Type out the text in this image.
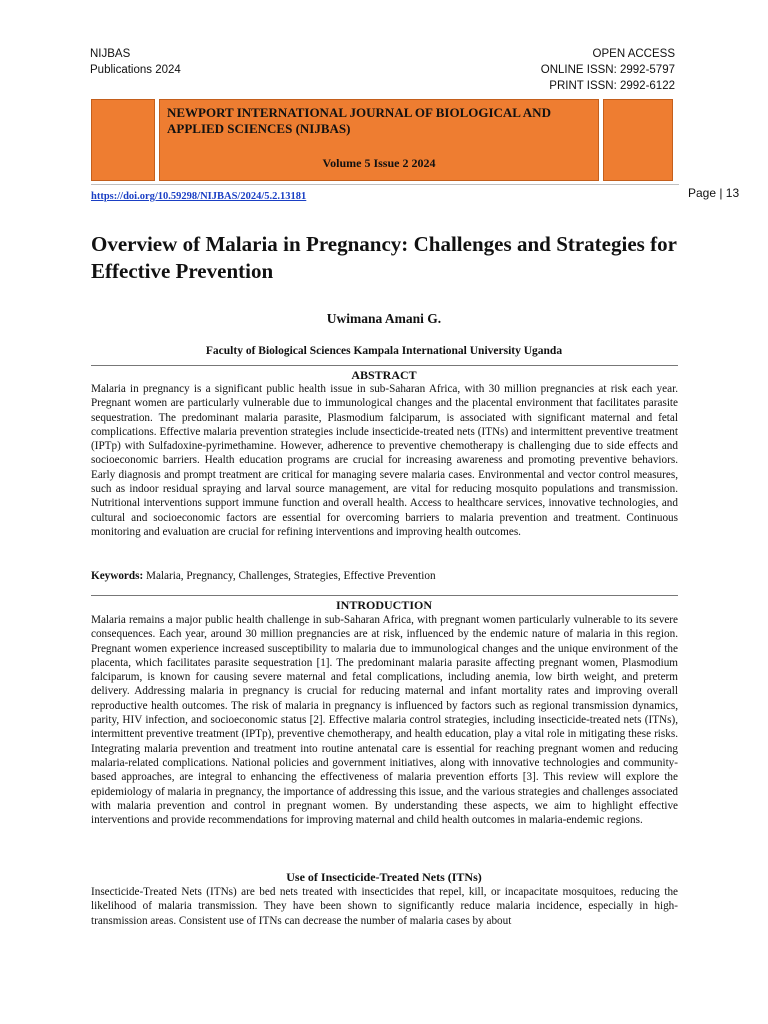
NIJBAS
Publications 2024
OPEN ACCESS
ONLINE ISSN: 2992-5797
PRINT ISSN: 2992-6122
NEWPORT INTERNATIONAL JOURNAL OF BIOLOGICAL AND APPLIED SCIENCES (NIJBAS)
Volume 5 Issue 2 2024
https://doi.org/10.59298/NIJBAS/2024/5.2.13181	Page | 13
Overview of Malaria in Pregnancy: Challenges and Strategies for Effective Prevention
Uwimana Amani G.
Faculty of Biological Sciences Kampala International University Uganda
ABSTRACT

Malaria in pregnancy is a significant public health issue in sub-Saharan Africa, with 30 million pregnancies at risk each year. Pregnant women are particularly vulnerable due to immunological changes and the placental environment that facilitates parasite sequestration. The predominant malaria parasite, Plasmodium falciparum, is associated with significant maternal and fetal complications. Effective malaria prevention strategies include insecticide-treated nets (ITNs) and intermittent preventive treatment (IPTp) with Sulfadoxine-pyrimethamine. However, adherence to preventive chemotherapy is challenging due to side effects and socioeconomic barriers. Health education programs are crucial for increasing awareness and promoting preventive behaviors. Early diagnosis and prompt treatment are critical for managing severe malaria cases. Environmental and vector control measures, such as indoor residual spraying and larval source management, are vital for reducing mosquito populations and transmission. Nutritional interventions support immune function and overall health. Access to healthcare services, innovative technologies, and cultural and socioeconomic factors are essential for overcoming barriers to malaria prevention and treatment. Continuous monitoring and evaluation are crucial for refining interventions and improving health outcomes.

Keywords: Malaria, Pregnancy, Challenges, Strategies, Effective Prevention
INTRODUCTION

Malaria remains a major public health challenge in sub-Saharan Africa, with pregnant women particularly vulnerable to its severe consequences. Each year, around 30 million pregnancies are at risk, influenced by the endemic nature of malaria in this region. Pregnant women experience increased susceptibility to malaria due to immunological changes and the unique environment of the placenta, which facilitates parasite sequestration [1]. The predominant malaria parasite affecting pregnant women, Plasmodium falciparum, is known for causing severe maternal and fetal complications, including anemia, low birth weight, and preterm delivery. Addressing malaria in pregnancy is crucial for reducing maternal and infant mortality rates and improving overall reproductive health outcomes. The risk of malaria in pregnancy is influenced by factors such as regional transmission dynamics, parity, HIV infection, and socioeconomic status [2]. Effective malaria control strategies, including insecticide-treated nets (ITNs), intermittent preventive treatment (IPTp), preventive chemotherapy, and health education, play a vital role in mitigating these risks. Integrating malaria prevention and treatment into routine antenatal care is essential for reaching pregnant women and reducing malaria-related complications. National policies and government initiatives, along with innovative technologies and community-based approaches, are integral to enhancing the effectiveness of malaria prevention efforts [3]. This review will explore the epidemiology of malaria in pregnancy, the importance of addressing this issue, and the various strategies and challenges associated with malaria prevention and control in pregnant women. By understanding these aspects, we aim to highlight effective interventions and provide recommendations for improving maternal and child health outcomes in malaria-endemic regions.

Use of Insecticide-Treated Nets (ITNs)

Insecticide-Treated Nets (ITNs) are bed nets treated with insecticides that repel, kill, or incapacitate mosquitoes, reducing the likelihood of malaria transmission. They have been shown to significantly reduce malaria incidence, especially in high-transmission areas. Consistent use of ITNs can decrease the number of malaria cases by about
